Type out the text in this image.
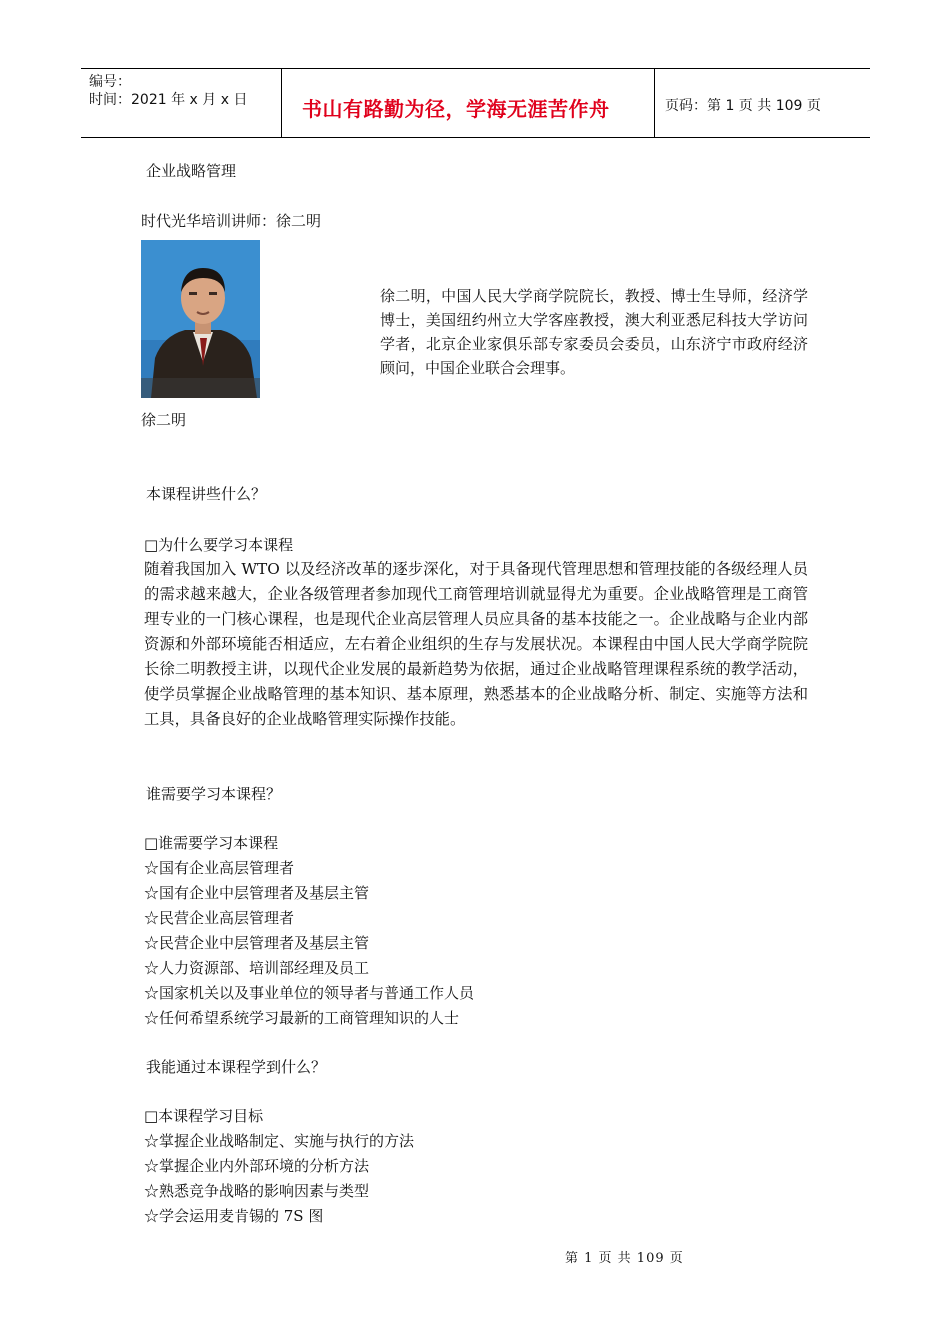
编号：
时间：2021 年 x 月 x 日	书山有路勤为径，学海无涯苦作舟	页码：第 1 页 共 109 页
企业战略管理
时代光华培训讲师：徐二明
徐二明
徐二明，中国人民大学商学院院长，教授、博士生导师，经济学博士，美国纽约州立大学客座教授，澳大利亚悉尼科技大学访问学者，北京企业家俱乐部专家委员会委员，山东济宁市政府经济顾问，中国企业联合会理事。
本课程讲些什么？
□为什么要学习本课程
随着我国加入 WTO 以及经济改革的逐步深化，对于具备现代管理思想和管理技能的各级经理人员的需求越来越大，企业各级管理者参加现代工商管理培训就显得尤为重要。企业战略管理是工商管理专业的一门核心课程，也是现代企业高层管理人员应具备的基本技能之一。企业战略与企业内部资源和外部环境能否相适应，左右着企业组织的生存与发展状况。本课程由中国人民大学商学院院长徐二明教授主讲，以现代企业发展的最新趋势为依据，通过企业战略管理课程系统的教学活动，使学员掌握企业战略管理的基本知识、基本原理，熟悉基本的企业战略分析、制定、实施等方法和工具，具备良好的企业战略管理实际操作技能。
谁需要学习本课程？
□谁需要学习本课程
☆国有企业高层管理者
☆国有企业中层管理者及基层主管
☆民营企业高层管理者
☆民营企业中层管理者及基层主管
☆人力资源部、培训部经理及员工
☆国家机关以及事业单位的领导者与普通工作人员
☆任何希望系统学习最新的工商管理知识的人士
我能通过本课程学到什么？
□本课程学习目标
☆掌握企业战略制定、实施与执行的方法
☆掌握企业内外部环境的分析方法
☆熟悉竞争战略的影响因素与类型
☆学会运用麦肯锡的 7S 图
第 1 页 共 109 页
